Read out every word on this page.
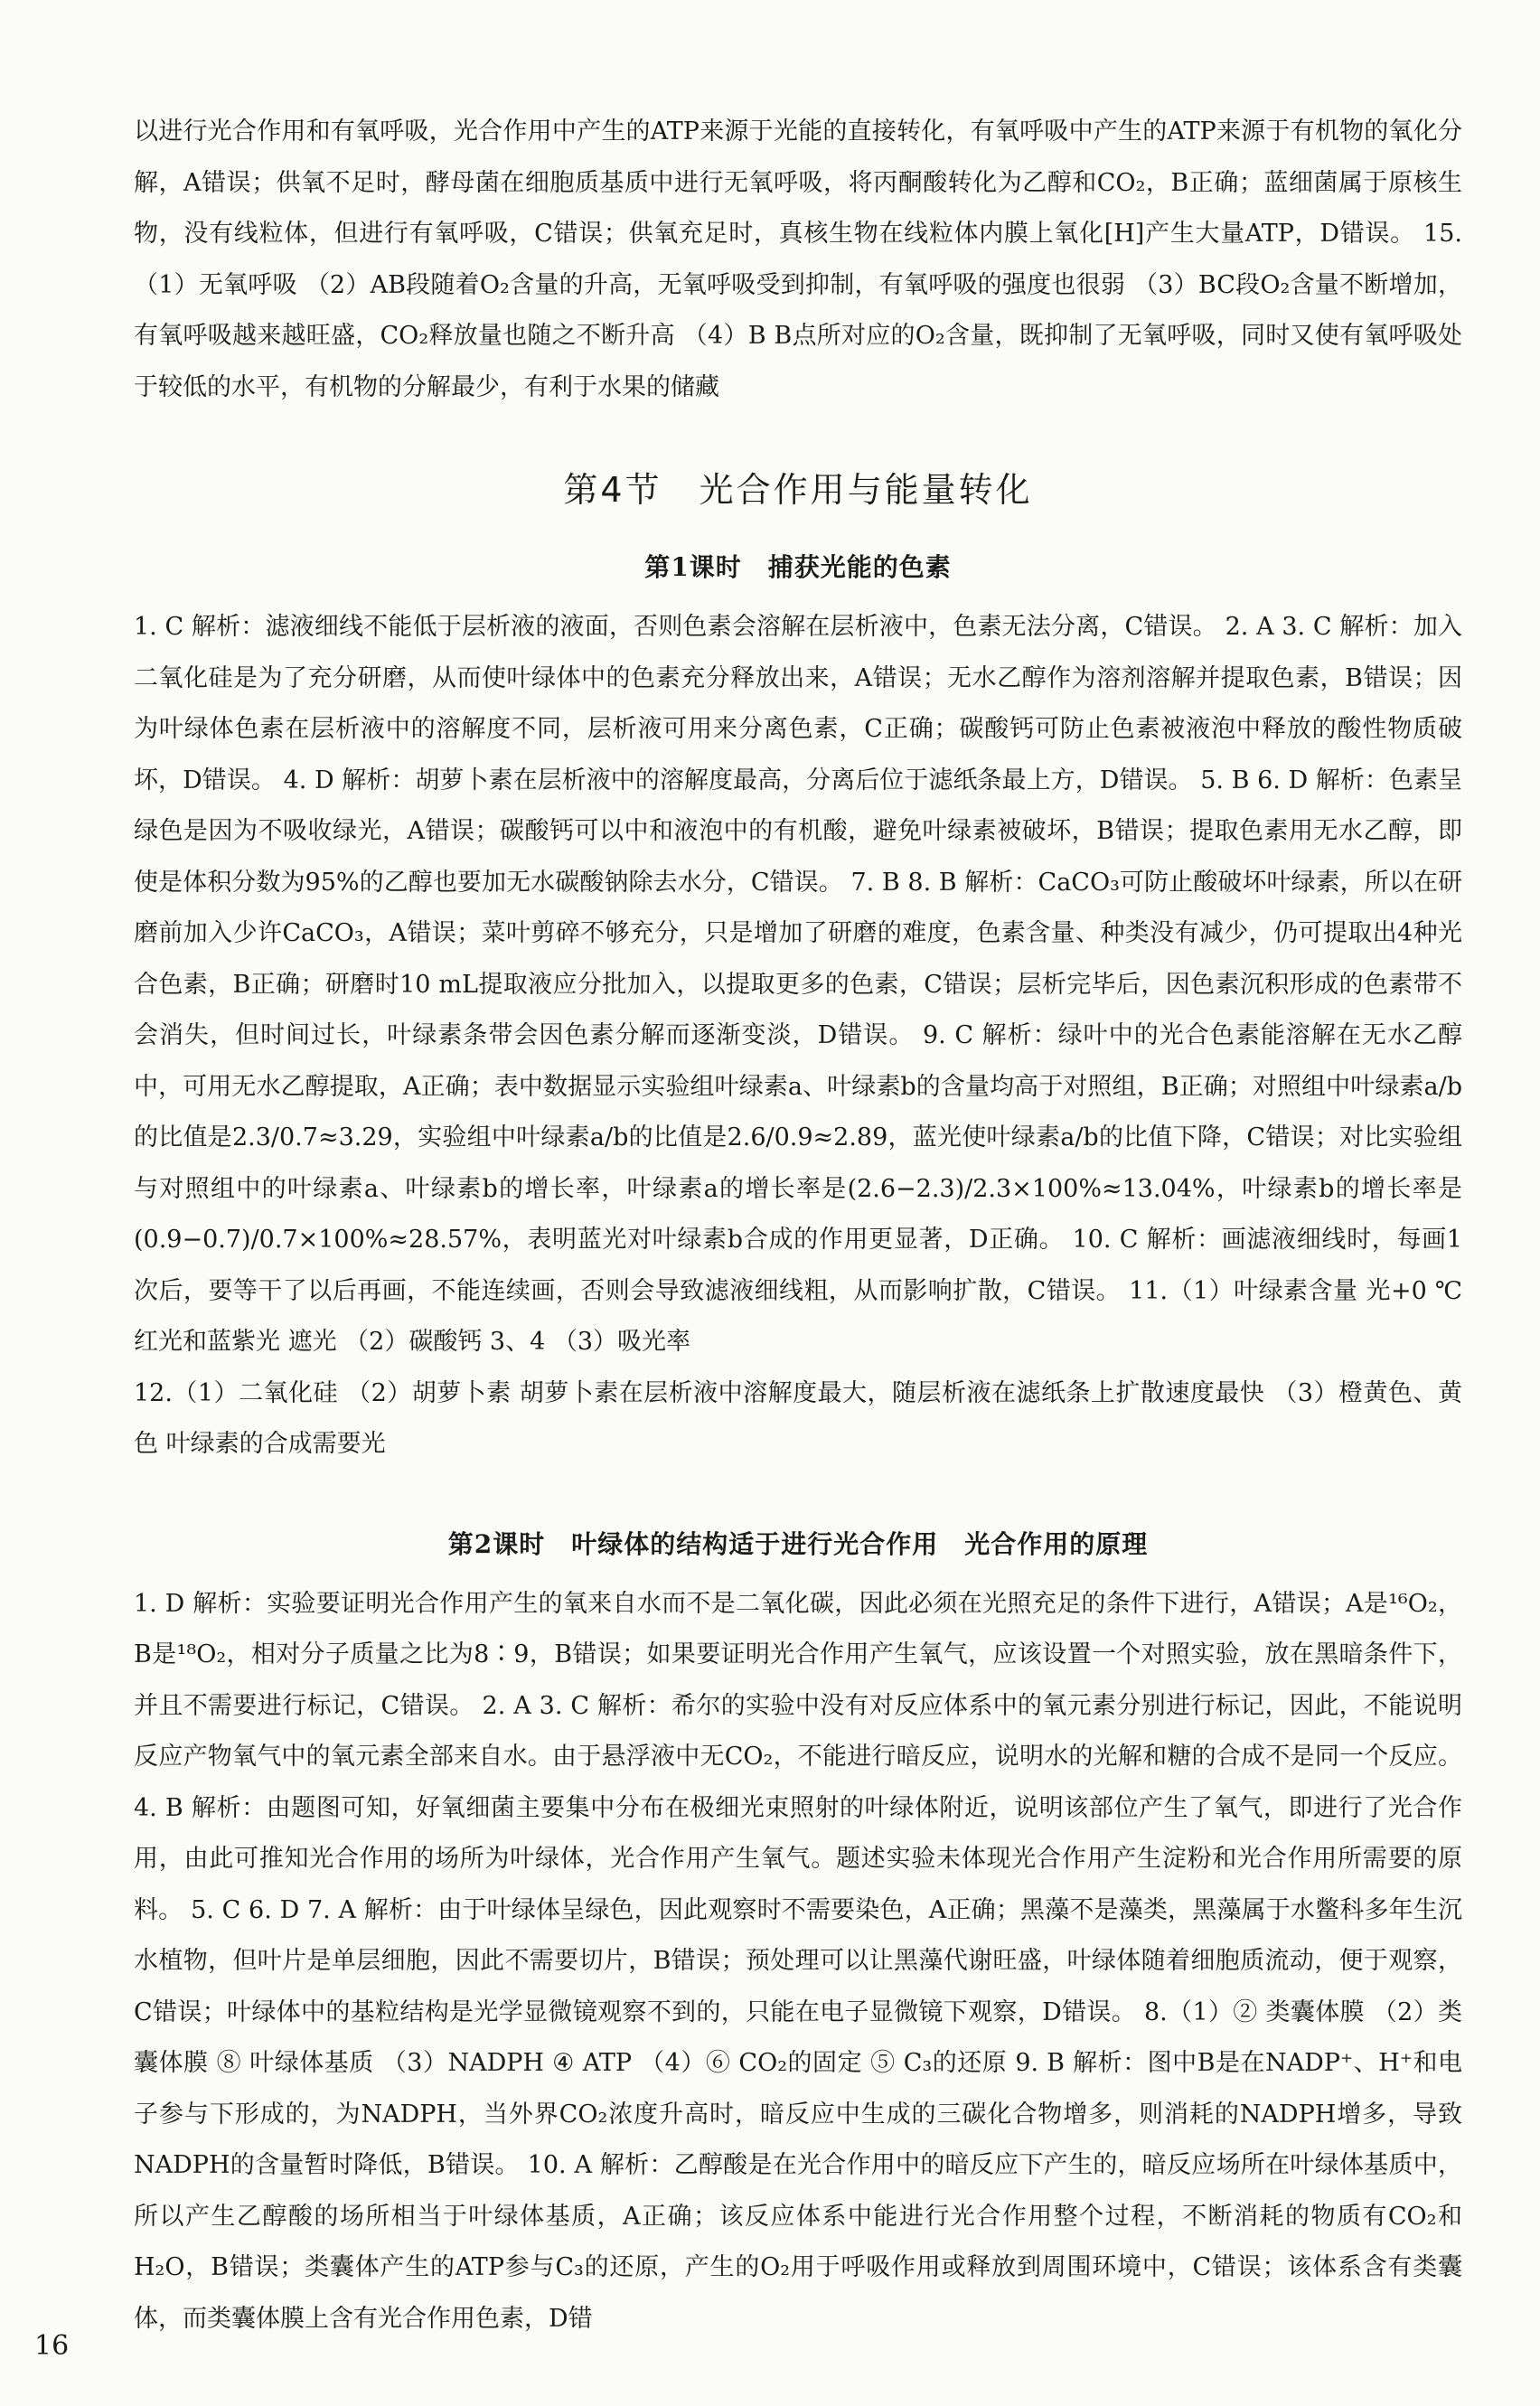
以进行光合作用和有氧呼吸，光合作用中产生的ATP来源于光能的直接转化，有氧呼吸中产生的ATP来源于有机物的氧化分解，A错误；供氧不足时，酵母菌在细胞质基质中进行无氧呼吸，将丙酮酸转化为乙醇和CO₂，B正确；蓝细菌属于原核生物，没有线粒体，但进行有氧呼吸，C错误；供氧充足时，真核生物在线粒体内膜上氧化[H]产生大量ATP，D错误。 15.（1）无氧呼吸 （2）AB段随着O₂含量的升高，无氧呼吸受到抑制，有氧呼吸的强度也很弱 （3）BC段O₂含量不断增加，有氧呼吸越来越旺盛，CO₂释放量也随之不断升高 （4）B B点所对应的O₂含量，既抑制了无氧呼吸，同时又使有氧呼吸处于较低的水平，有机物的分解最少，有利于水果的储藏

第4节　光合作用与能量转化
第1课时　捕获光能的色素

1. C 解析：滤液细线不能低于层析液的液面，否则色素会溶解在层析液中，色素无法分离，C错误。 2. A 3. C 解析：加入二氧化硅是为了充分研磨，从而使叶绿体中的色素充分释放出来，A错误；无水乙醇作为溶剂溶解并提取色素，B错误；因为叶绿体色素在层析液中的溶解度不同，层析液可用来分离色素，C正确；碳酸钙可防止色素被液泡中释放的酸性物质破坏，D错误。 4. D 解析：胡萝卜素在层析液中的溶解度最高，分离后位于滤纸条最上方，D错误。 5. B 6. D 解析：色素呈绿色是因为不吸收绿光，A错误；碳酸钙可以中和液泡中的有机酸，避免叶绿素被破坏，B错误；提取色素用无水乙醇，即使是体积分数为95%的乙醇也要加无水碳酸钠除去水分，C错误。 7. B 8. B 解析：CaCO₃可防止酸破坏叶绿素，所以在研磨前加入少许CaCO₃，A错误；菜叶剪碎不够充分，只是增加了研磨的难度，色素含量、种类没有减少，仍可提取出4种光合色素，B正确；研磨时10 mL提取液应分批加入，以提取更多的色素，C错误；层析完毕后，因色素沉积形成的色素带不会消失，但时间过长，叶绿素条带会因色素分解而逐渐变淡，D错误。 9. C 解析：绿叶中的光合色素能溶解在无水乙醇中，可用无水乙醇提取，A正确；表中数据显示实验组叶绿素a、叶绿素b的含量均高于对照组，B正确；对照组中叶绿素a/b的比值是2.3/0.7≈3.29，实验组中叶绿素a/b的比值是2.6/0.9≈2.89，蓝光使叶绿素a/b的比值下降，C错误；对比实验组与对照组中的叶绿素a、叶绿素b的增长率，叶绿素a的增长率是(2.6−2.3)/2.3×100%≈13.04%，叶绿素b的增长率是(0.9−0.7)/0.7×100%≈28.57%，表明蓝光对叶绿素b合成的作用更显著，D正确。 10. C 解析：画滤液细线时，每画1次后，要等干了以后再画，不能连续画，否则会导致滤液细线粗，从而影响扩散，C错误。 11.（1）叶绿素含量 光+0 ℃ 红光和蓝紫光 遮光 （2）碳酸钙 3、4 （3）吸光率

12.（1）二氧化硅 （2）胡萝卜素 胡萝卜素在层析液中溶解度最大，随层析液在滤纸条上扩散速度最快 （3）橙黄色、黄色 叶绿素的合成需要光

第2课时　叶绿体的结构适于进行光合作用　光合作用的原理

1. D 解析：实验要证明光合作用产生的氧来自水而不是二氧化碳，因此必须在光照充足的条件下进行，A错误；A是¹⁶O₂，B是¹⁸O₂，相对分子质量之比为8∶9，B错误；如果要证明光合作用产生氧气，应该设置一个对照实验，放在黑暗条件下，并且不需要进行标记，C错误。 2. A 3. C 解析：希尔的实验中没有对反应体系中的氧元素分别进行标记，因此，不能说明反应产物氧气中的氧元素全部来自水。由于悬浮液中无CO₂，不能进行暗反应，说明水的光解和糖的合成不是同一个反应。 4. B 解析：由题图可知，好氧细菌主要集中分布在极细光束照射的叶绿体附近，说明该部位产生了氧气，即进行了光合作用，由此可推知光合作用的场所为叶绿体，光合作用产生氧气。题述实验未体现光合作用产生淀粉和光合作用所需要的原料。 5. C 6. D 7. A 解析：由于叶绿体呈绿色，因此观察时不需要染色，A正确；黑藻不是藻类，黑藻属于水鳖科多年生沉水植物，但叶片是单层细胞，因此不需要切片，B错误；预处理可以让黑藻代谢旺盛，叶绿体随着细胞质流动，便于观察，C错误；叶绿体中的基粒结构是光学显微镜观察不到的，只能在电子显微镜下观察，D错误。 8.（1）② 类囊体膜 （2）类囊体膜 ⑧ 叶绿体基质 （3）NADPH ④ ATP （4）⑥ CO₂的固定 ⑤ C₃的还原 9. B 解析：图中B是在NADP⁺、H⁺和电子参与下形成的，为NADPH，当外界CO₂浓度升高时，暗反应中生成的三碳化合物增多，则消耗的NADPH增多，导致NADPH的含量暂时降低，B错误。 10. A 解析：乙醇酸是在光合作用中的暗反应下产生的，暗反应场所在叶绿体基质中，所以产生乙醇酸的场所相当于叶绿体基质，A正确；该反应体系中能进行光合作用整个过程，不断消耗的物质有CO₂和H₂O，B错误；类囊体产生的ATP参与C₃的还原，产生的O₂用于呼吸作用或释放到周围环境中，C错误；该体系含有类囊体，而类囊体膜上含有光合作用色素，D错

16
